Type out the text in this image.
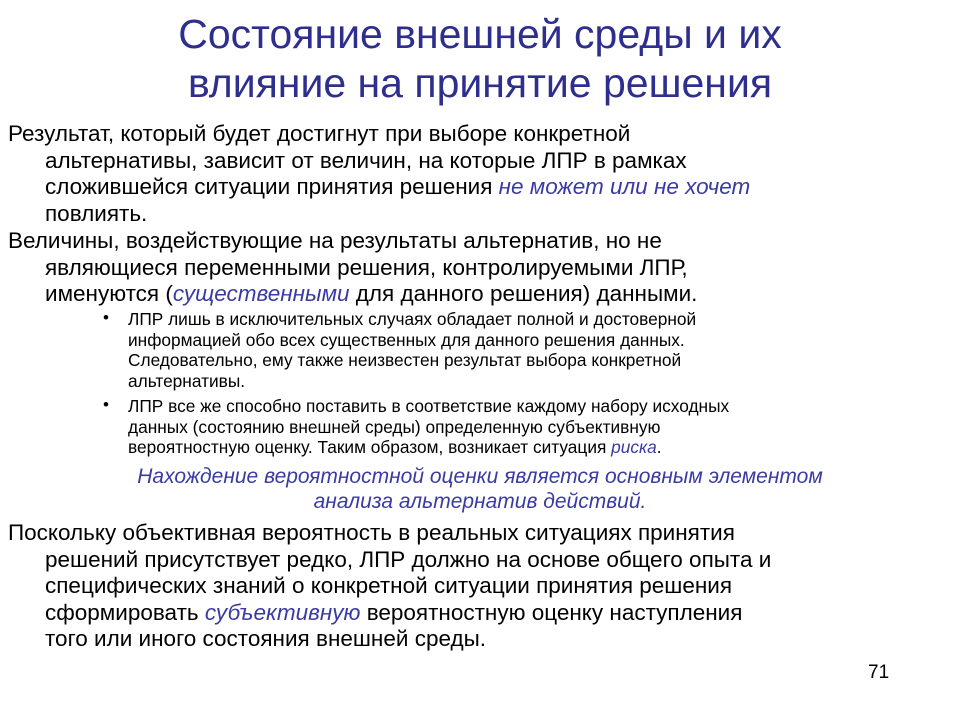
Состояние внешней среды и их
влияние на принятие решения
Результат, который будет достигнут при выборе конкретной
альтернативы, зависит от величин, на которые ЛПР в рамках
сложившейся ситуации принятия решения не может или не хочет
повлиять.
Величины, воздействующие на результаты альтернатив, но не
являющиеся переменными решения, контролируемыми ЛПР,
именуются (существенными для данного решения) данными.
• ЛПР лишь в исключительных случаях обладает полной и достоверной
информацией обо всех существенных для данного решения данных.
Следовательно, ему также неизвестен результат выбора конкретной
альтернативы.
• ЛПР все же способно поставить в соответствие каждому набору исходных
данных (состоянию внешней среды) определенную субъективную
вероятностную оценку. Таким образом, возникает ситуация риска.
Нахождение вероятностной оценки является основным элементом
анализа альтернатив действий.
Поскольку объективная вероятность в реальных ситуациях принятия
решений присутствует редко, ЛПР должно на основе общего опыта и
специфических знаний о конкретной ситуации принятия решения
сформировать субъективную вероятностную оценку наступления
того или иного состояния внешней среды.
71
